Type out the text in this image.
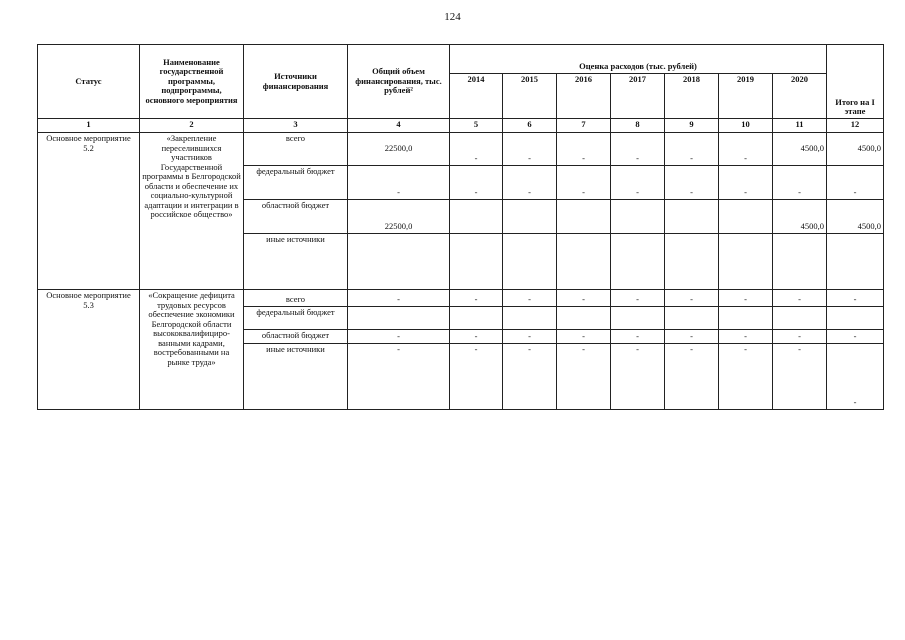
124
Статус	Наименование государственной программы, подпрограммы, основного мероприятия	Источники финансирования	Общий объем финансирования, тыс. рублей²	Оценка расходов (тыс. рублей)							Итого на I этапе
				2014	2015	2016	2017	2018	2019	2020	
1	2	3	4	5	6	7	8	9	10	11	12
Основное мероприятие 5.2	«Закрепление переселившихся участников Государственной программы в Белгородской области и обеспечение их социально-культурной адаптации и интеграции в российское общество»	всего	22500,0	-	-	-	-	-	-	4500,0	4500,0
		федеральный бюджет	-	-	-	-	-	-	-	-	-
		областной бюджет	22500,0							4500,0	4500,0
		иные источники									
Основное мероприятие 5.3	«Сокращение дефицита трудовых ресурсов обеспечение экономики Белгородской области высококвалифициро-ванными кадрами, востребованными на рынке труда»	всего	-	-	-	-	-	-	-	-	-
		федеральный бюджет									
		областной бюджет	-	-	-	-	-	-	-	-	-
		иные источники	-	-	-	-	-	-	-	-	-
